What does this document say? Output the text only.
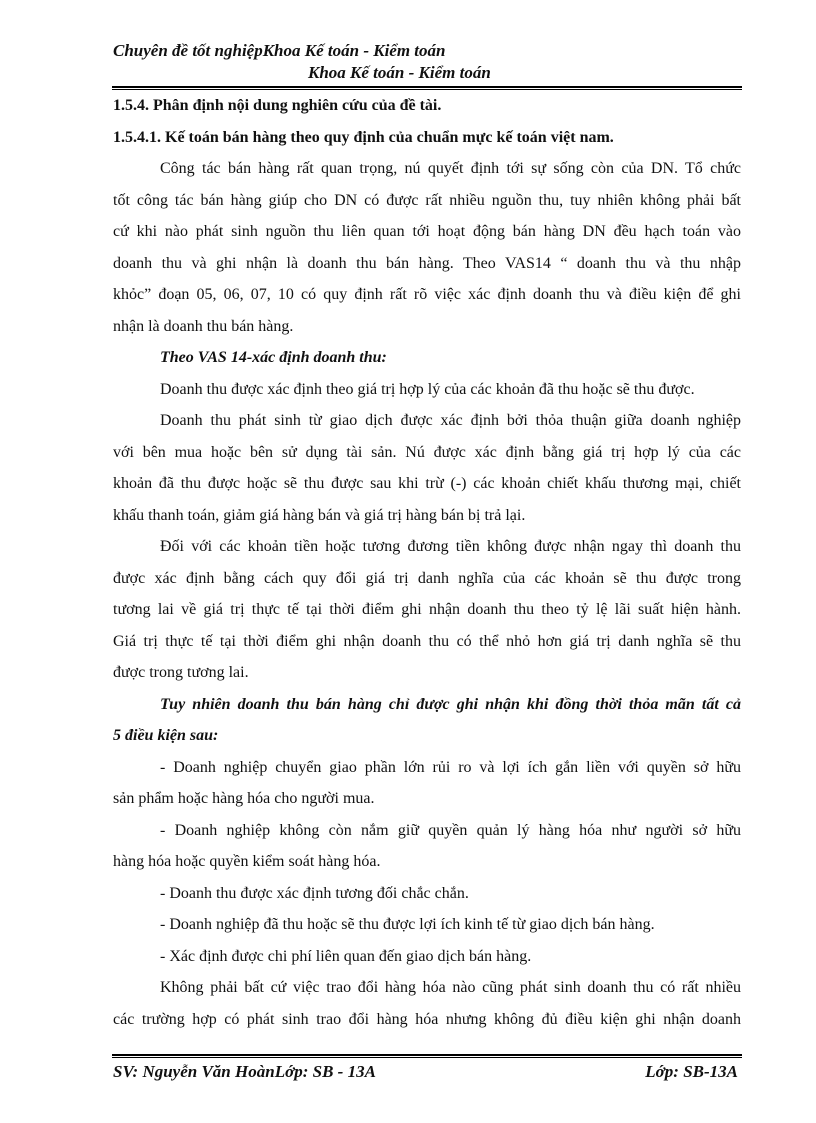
Chuyên đề tốt nghiệpKhoa Kế toán - Kiểm toán
Khoa Kế toán - Kiểm toán
1.5.4. Phân định nội dung nghiên cứu của đề tài.
1.5.4.1. Kế toán bán hàng theo quy định của chuẩn mực kế toán việt nam.
Công tác bán hàng rất quan trọng, nú quyết định tới sự sống còn của DN. Tổ chức
tốt công tác bán hàng giúp cho DN có được rất nhiều nguồn thu, tuy nhiên không phải bất
cứ khi nào phát sinh nguồn thu liên quan tới hoạt động bán hàng DN đều hạch toán vào
doanh thu và ghi nhận là doanh thu bán hàng. Theo VAS14 “ doanh thu và thu nhập
khỏc” đoạn 05, 06, 07, 10 có quy định rất rõ việc xác định doanh thu và điều kiện để ghi
nhận là doanh thu bán hàng.
Theo VAS 14-xác định doanh thu:
Doanh thu được xác định theo giá trị hợp lý của các khoản đã thu hoặc sẽ thu được.
Doanh thu phát sinh từ giao dịch được xác định bởi thỏa thuận giữa doanh nghiệp
với bên mua hoặc bên sử dụng tài sản. Nú được xác định bằng giá trị hợp lý của các
khoản đã thu được hoặc sẽ thu được sau khi trừ (-) các khoản chiết khấu thương mại, chiết
khấu thanh toán, giảm giá hàng bán và giá trị hàng bán bị trả lại.
Đối với các khoản tiền hoặc tương đương tiền không được nhận ngay thì doanh thu
được xác định bằng cách quy đổi giá trị danh nghĩa của các khoản sẽ thu được trong
tương lai về giá trị thực tế tại thời điểm ghi nhận doanh thu theo tỷ lệ lãi suất hiện hành.
Giá trị thực tế tại thời điểm ghi nhận doanh thu có thể nhỏ hơn giá trị danh nghĩa sẽ thu
được trong tương lai.
Tuy nhiên doanh thu bán hàng chỉ được ghi nhận khi đồng thời thỏa mãn tất cả
5 điều kiện sau:
- Doanh nghiệp chuyển giao phần lớn rủi ro và lợi ích gắn liền với quyền sở hữu
sản phẩm hoặc hàng hóa cho người mua.
- Doanh nghiệp không còn nắm giữ quyền quản lý hàng hóa như người sở hữu
hàng hóa hoặc quyền kiểm soát hàng hóa.
- Doanh thu được xác định tương đối chắc chắn.
- Doanh nghiệp đã thu hoặc sẽ thu được lợi ích kinh tế từ giao dịch bán hàng.
- Xác định được chi phí liên quan đến giao dịch bán hàng.
Không phải bất cứ việc trao đổi hàng hóa nào cũng phát sinh doanh thu có rất nhiều
các trường hợp có phát sinh trao đổi hàng hóa nhưng không đủ điều kiện ghi nhận doanh
SV: Nguyễn Văn HoànLớp: SB - 13A	Lớp: SB-13A
